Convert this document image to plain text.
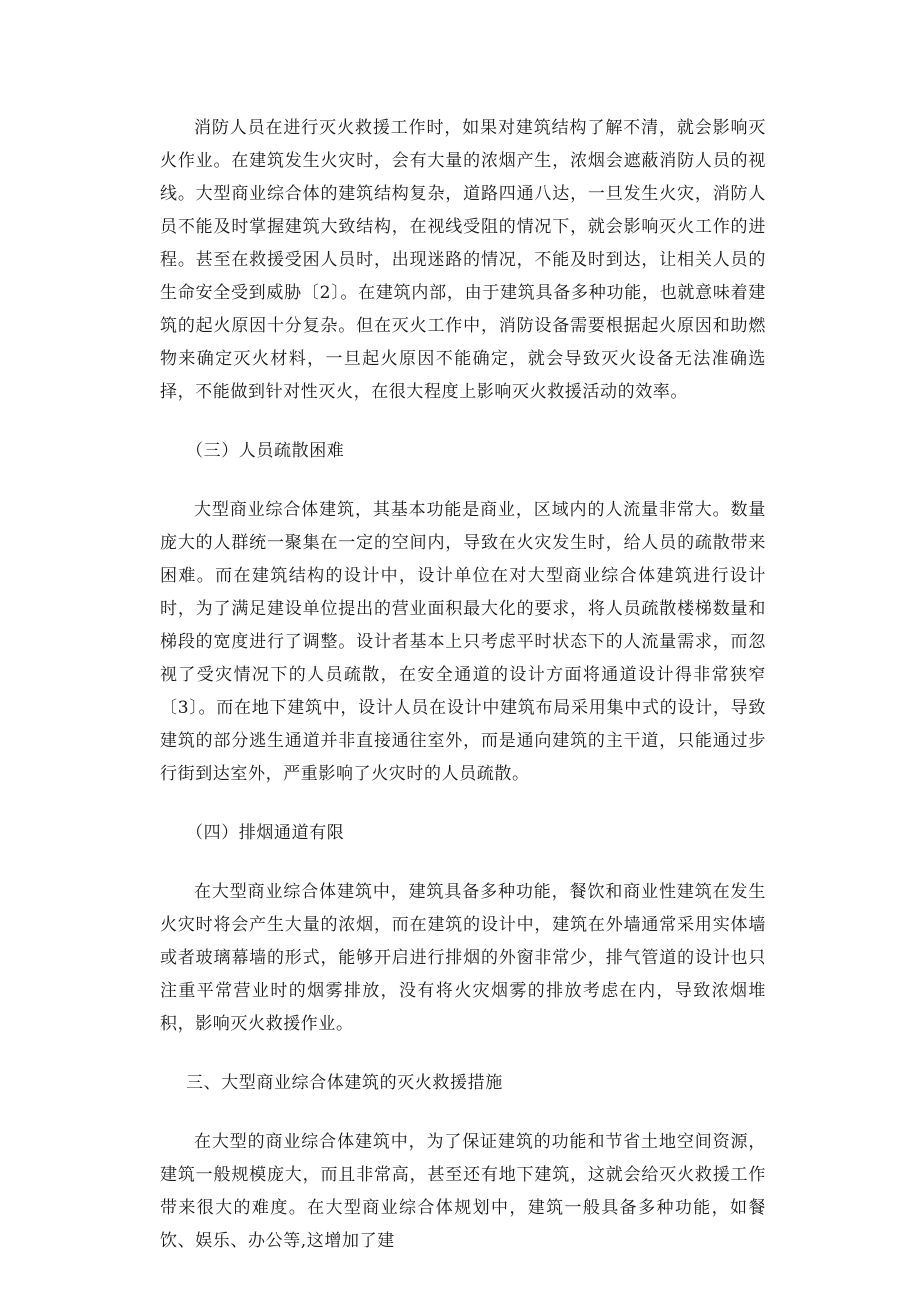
消防人员在进行灭火救援工作时，如果对建筑结构了解不清，就会影响灭火作业。在建筑发生火灾时，会有大量的浓烟产生，浓烟会遮蔽消防人员的视线。大型商业综合体的建筑结构复杂，道路四通八达，一旦发生火灾，消防人员不能及时掌握建筑大致结构，在视线受阻的情况下，就会影响灭火工作的进程。甚至在救援受困人员时，出现迷路的情况，不能及时到达，让相关人员的生命安全受到威胁〔2〕。在建筑内部，由于建筑具备多种功能，也就意味着建筑的起火原因十分复杂。但在灭火工作中，消防设备需要根据起火原因和助燃物来确定灭火材料，一旦起火原因不能确定，就会导致灭火设备无法准确选择，不能做到针对性灭火，在很大程度上影响灭火救援活动的效率。

（三）人员疏散困难

大型商业综合体建筑，其基本功能是商业，区域内的人流量非常大。数量庞大的人群统一聚集在一定的空间内，导致在火灾发生时，给人员的疏散带来困难。而在建筑结构的设计中，设计单位在对大型商业综合体建筑进行设计时，为了满足建设单位提出的营业面积最大化的要求，将人员疏散楼梯数量和梯段的宽度进行了调整。设计者基本上只考虑平时状态下的人流量需求，而忽视了受灾情况下的人员疏散，在安全通道的设计方面将通道设计得非常狭窄〔3〕。而在地下建筑中，设计人员在设计中建筑布局采用集中式的设计，导致建筑的部分逃生通道并非直接通往室外，而是通向建筑的主干道，只能通过步行街到达室外，严重影响了火灾时的人员疏散。

（四）排烟通道有限

在大型商业综合体建筑中，建筑具备多种功能，餐饮和商业性建筑在发生火灾时将会产生大量的浓烟，而在建筑的设计中，建筑在外墙通常采用实体墙或者玻璃幕墙的形式，能够开启进行排烟的外窗非常少，排气管道的设计也只注重平常营业时的烟雾排放，没有将火灾烟雾的排放考虑在内，导致浓烟堆积，影响灭火救援作业。

三、大型商业综合体建筑的灭火救援措施

在大型的商业综合体建筑中，为了保证建筑的功能和节省土地空间资源，建筑一般规模庞大，而且非常高，甚至还有地下建筑，这就会给灭火救援工作带来很大的难度。在大型商业综合体规划中，建筑一般具备多种功能，如餐饮、娱乐、办公等,这增加了建
